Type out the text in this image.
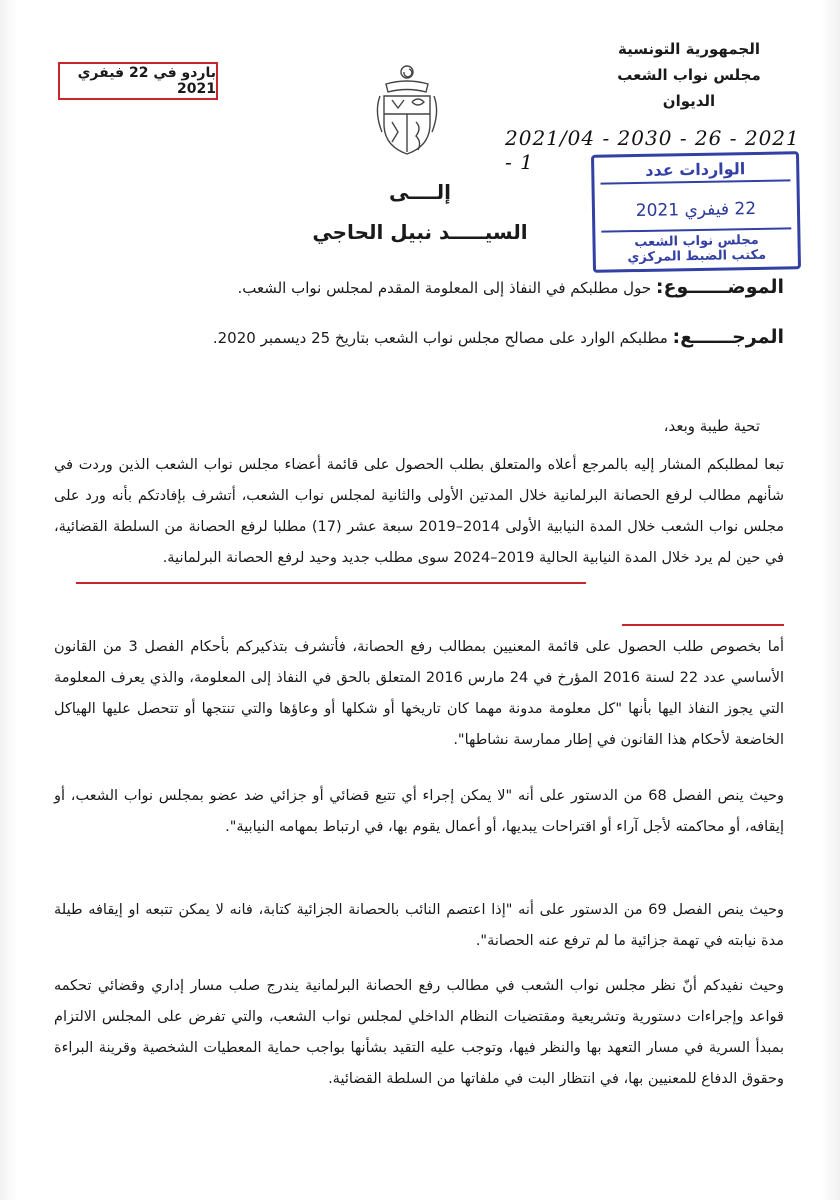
باردو في 22 فيفري 2021
الجمهورية التونسية
مجلس نواب الشعب
الديوان
2021/04 - 2030 - 26 - 2021 - 1	الواردات عدد
22 فيفري 2021
مجلس نواب الشعب
مكتب الضبط المركزي
إلــــى
السيـــــد نبيل الحاجي
الموضــــــوع: حول مطلبكم في النفاذ إلى المعلومة المقدم لمجلس نواب الشعب.
المرجــــــع: مطلبكم الوارد على مصالح مجلس نواب الشعب بتاريخ 25 ديسمبر 2020.
تحية طيبة وبعد،
تبعا لمطلبكم المشار إليه بالمرجع أعلاه والمتعلق بطلب الحصول على قائمة أعضاء مجلس نواب الشعب الذين وردت في شأنهم مطالب لرفع الحصانة البرلمانية خلال المدتين الأولى والثانية لمجلس نواب الشعب، أتشرف بإفادتكم بأنه ورد على مجلس نواب الشعب خلال المدة النيابية الأولى 2014–2019 سبعة عشر (17) مطلبا لرفع الحصانة من السلطة القضائية، في حين لم يرد خلال المدة النيابية الحالية 2019–2024 سوى مطلب جديد وحيد لرفع الحصانة البرلمانية.
أما بخصوص طلب الحصول على قائمة المعنيين بمطالب رفع الحصانة، فأتشرف بتذكيركم بأحكام الفصل 3 من القانون الأساسي عدد 22 لسنة 2016 المؤرخ في 24 مارس 2016 المتعلق بالحق في النفاذ إلى المعلومة، والذي يعرف المعلومة التي يجوز النفاذ اليها بأنها "كل معلومة مدونة مهما كان تاريخها أو شكلها أو وعاؤها والتي تنتجها أو تتحصل عليها الهياكل الخاضعة لأحكام هذا القانون في إطار ممارسة نشاطها".
وحيث ينص الفصل 68 من الدستور على أنه "لا يمكن إجراء أي تتبع قضائي أو جزائي ضد عضو بمجلس نواب الشعب، أو إيقافه، أو محاكمته لأجل آراء أو اقتراحات يبديها، أو أعمال يقوم بها، في ارتباط بمهامه النيابية".
وحيث ينص الفصل 69 من الدستور على أنه "إذا اعتصم النائب بالحصانة الجزائية كتابة، فانه لا يمكن تتبعه او إيقافه طيلة مدة نيابته في تهمة جزائية ما لم ترفع عنه الحصانة".
وحيث نفيدكم أنّ نظر مجلس نواب الشعب في مطالب رفع الحصانة البرلمانية يندرج صلب مسار إداري وقضائي تحكمه قواعد وإجراءات دستورية وتشريعية ومقتضيات النظام الداخلي لمجلس نواب الشعب، والتي تفرض على المجلس الالتزام بمبدأ السرية في مسار التعهد بها والنظر فيها، وتوجب عليه التقيد بشأنها بواجب حماية المعطيات الشخصية وقرينة البراءة وحقوق الدفاع للمعنيين بها، في انتظار البت في ملفاتها من السلطة القضائية.
